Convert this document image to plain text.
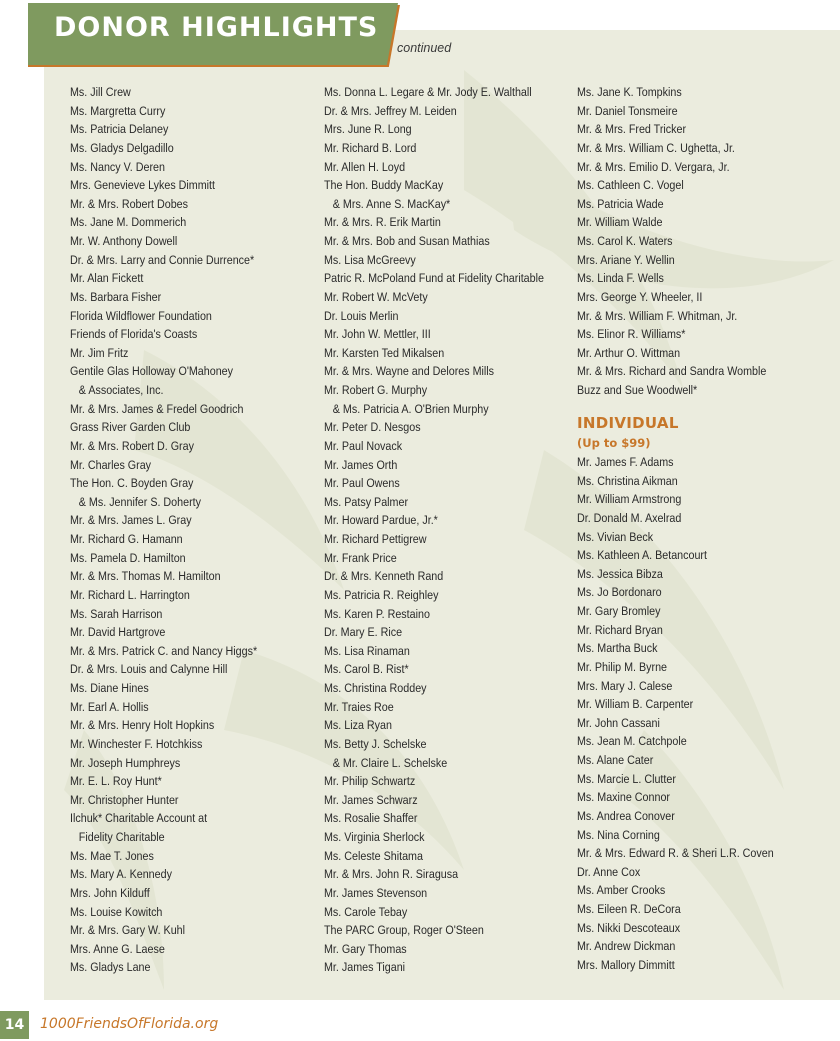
DONOR HIGHLIGHTS
continued
Ms. Jill Crew
Ms. Margretta Curry
Ms. Patricia Delaney
Ms. Gladys Delgadillo
Ms. Nancy V. Deren
Mrs. Genevieve Lykes Dimmitt
Mr. & Mrs. Robert Dobes
Ms. Jane M. Dommerich
Mr. W. Anthony Dowell
Dr. & Mrs. Larry and Connie Durrence*
Mr. Alan Fickett
Ms. Barbara Fisher
Florida Wildflower Foundation
Friends of Florida's Coasts
Mr. Jim Fritz
Gentile Glas Holloway O'Mahoney
& Associates, Inc.
Mr. & Mrs. James & Fredel Goodrich
Grass River Garden Club
Mr. & Mrs. Robert D. Gray
Mr. Charles Gray
The Hon. C. Boyden Gray
& Ms. Jennifer S. Doherty
Mr. & Mrs. James L. Gray
Mr. Richard G. Hamann
Ms. Pamela D. Hamilton
Mr. & Mrs. Thomas M. Hamilton
Mr. Richard L. Harrington
Ms. Sarah Harrison
Mr. David Hartgrove
Mr. & Mrs. Patrick C. and Nancy Higgs*
Dr. & Mrs. Louis and Calynne Hill
Ms. Diane Hines
Mr. Earl A. Hollis
Mr. & Mrs. Henry Holt Hopkins
Mr. Winchester F. Hotchkiss
Mr. Joseph Humphreys
Mr. E. L. Roy Hunt*
Mr. Christopher Hunter
Ilchuk* Charitable Account at
Fidelity Charitable
Ms. Mae T. Jones
Ms. Mary A. Kennedy
Mrs. John Kilduff
Ms. Louise Kowitch
Mr. & Mrs. Gary W. Kuhl
Mrs. Anne G. Laese
Ms. Gladys Lane
Ms. Donna L. Legare & Mr. Jody E. Walthall
Dr. & Mrs. Jeffrey M. Leiden
Mrs. June R. Long
Mr. Richard B. Lord
Mr. Allen H. Loyd
The Hon. Buddy MacKay
& Mrs. Anne S. MacKay*
Mr. & Mrs. R. Erik Martin
Mr. & Mrs. Bob and Susan Mathias
Ms. Lisa McGreevy
Patric R. McPoland Fund at Fidelity Charitable
Mr. Robert W. McVety
Dr. Louis Merlin
Mr. John W. Mettler, III
Mr. Karsten Ted Mikalsen
Mr. & Mrs. Wayne and Delores Mills
Mr. Robert G. Murphy
& Ms. Patricia A. O'Brien Murphy
Mr. Peter D. Nesgos
Mr. Paul Novack
Mr. James Orth
Mr. Paul Owens
Ms. Patsy Palmer
Mr. Howard Pardue, Jr.*
Mr. Richard Pettigrew
Mr. Frank Price
Dr. & Mrs. Kenneth Rand
Ms. Patricia R. Reighley
Ms. Karen P. Restaino
Dr. Mary E. Rice
Ms. Lisa Rinaman
Ms. Carol B. Rist*
Ms. Christina Roddey
Mr. Traies Roe
Ms. Liza Ryan
Ms. Betty J. Schelske
& Mr. Claire L. Schelske
Mr. Philip Schwartz
Mr. James Schwarz
Ms. Rosalie Shaffer
Ms. Virginia Sherlock
Ms. Celeste Shitama
Mr. & Mrs. John R. Siragusa
Mr. James Stevenson
Ms. Carole Tebay
The PARC Group, Roger O'Steen
Mr. Gary Thomas
Mr. James Tigani
Ms. Jane K. Tompkins
Mr. Daniel Tonsmeire
Mr. & Mrs. Fred Tricker
Mr. & Mrs. William C. Ughetta, Jr.
Mr. & Mrs. Emilio D. Vergara, Jr.
Ms. Cathleen C. Vogel
Ms. Patricia Wade
Mr. William Walde
Ms. Carol K. Waters
Mrs. Ariane Y. Wellin
Ms. Linda F. Wells
Mrs. George Y. Wheeler, II
Mr. & Mrs. William F. Whitman, Jr.
Ms. Elinor R. Williams*
Mr. Arthur O. Wittman
Mr. & Mrs. Richard and Sandra Womble
Buzz and Sue Woodwell*
INDIVIDUAL
(Up to $99)
Mr. James F. Adams
Ms. Christina Aikman
Mr. William Armstrong
Dr. Donald M. Axelrad
Ms. Vivian Beck
Ms. Kathleen A. Betancourt
Ms. Jessica Bibza
Ms. Jo Bordonaro
Mr. Gary Bromley
Mr. Richard Bryan
Ms. Martha Buck
Mr. Philip M. Byrne
Mrs. Mary J. Calese
Mr. William B. Carpenter
Mr. John Cassani
Ms. Jean M. Catchpole
Ms. Alane Cater
Ms. Marcie L. Clutter
Ms. Maxine Connor
Ms. Andrea Conover
Ms. Nina Corning
Mr. & Mrs. Edward R. & Sheri L.R. Coven
Dr. Anne Cox
Ms. Amber Crooks
Ms. Eileen R. DeCora
Ms. Nikki Descoteaux
Mr. Andrew Dickman
Mrs. Mallory Dimmitt
14	1000FriendsOfFlorida.org
